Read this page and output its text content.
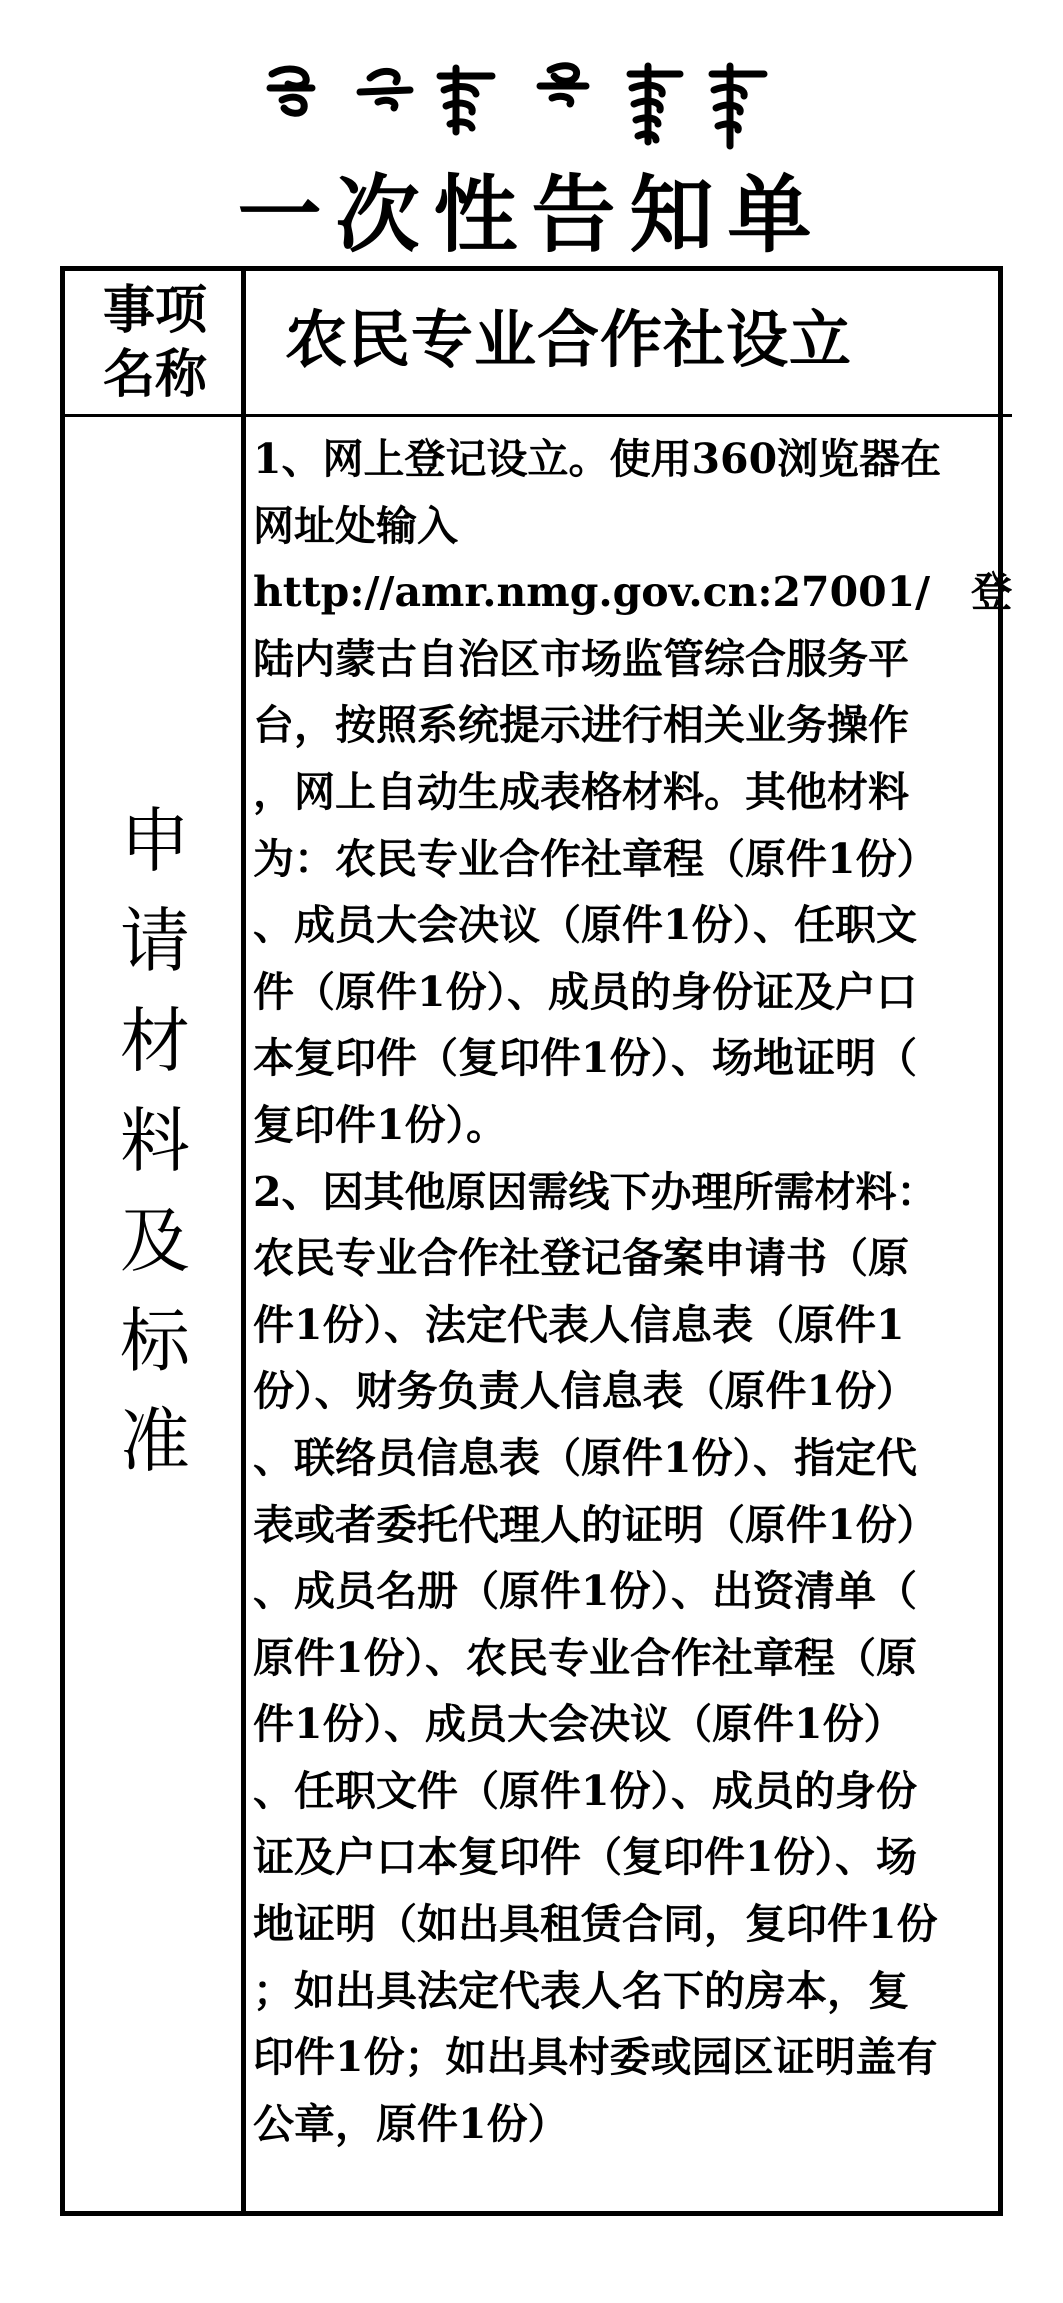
一次性告知单
事项
名称	农民专业合作社设立
申
请
材
料
及
标
准
1、网上登记设立。使用360浏览器在
网址处输入
http://amr.nmg.gov.cn:27001/　登
陆内蒙古自治区市场监管综合服务平
台，按照系统提示进行相关业务操作
，网上自动生成表格材料。其他材料
为：农民专业合作社章程（原件1份）
、成员大会决议（原件1份）、任职文
件（原件1份）、成员的身份证及户口
本复印件（复印件1份）、场地证明（
复印件1份）。
2、因其他原因需线下办理所需材料：
农民专业合作社登记备案申请书（原
件1份）、法定代表人信息表（原件1
份）、财务负责人信息表（原件1份）
、联络员信息表（原件1份）、指定代
表或者委托代理人的证明（原件1份）
、成员名册（原件1份）、出资清单（
原件1份）、农民专业合作社章程（原
件1份）、成员大会决议（原件1份）
、任职文件（原件1份）、成员的身份
证及户口本复印件（复印件1份）、场
地证明（如出具租赁合同，复印件1份
；如出具法定代表人名下的房本，复
印件1份；如出具村委或园区证明盖有
公章，原件1份）
